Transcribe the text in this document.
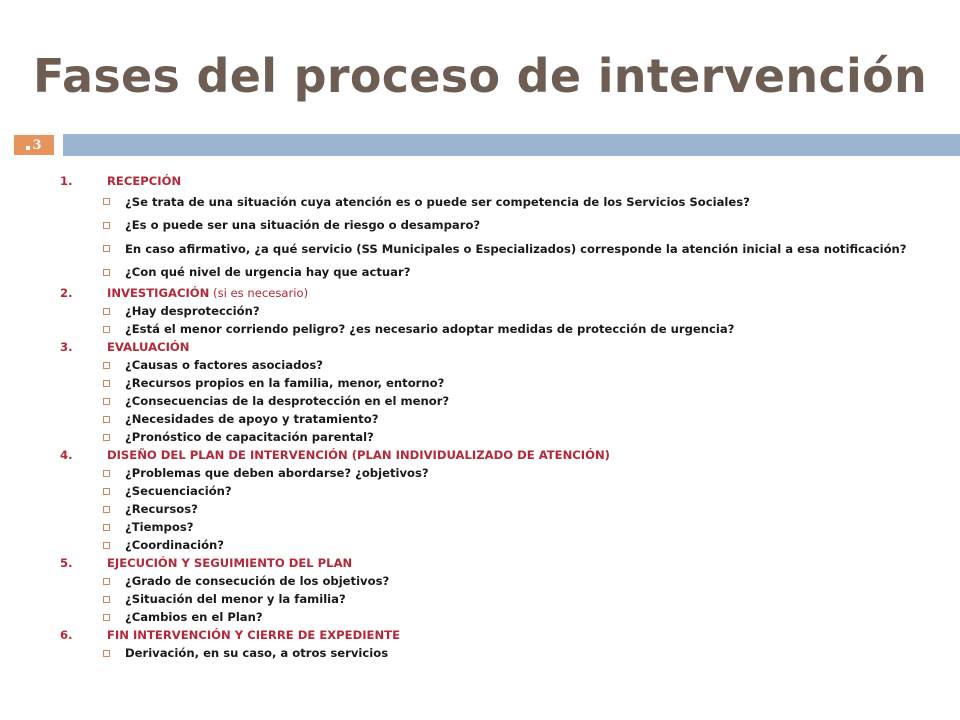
Fases del proceso de intervención
3
1.	RECEPCIÓN
¿Se trata de una situación cuya atención es o puede ser competencia de los Servicios Sociales?
¿Es o puede ser una situación de riesgo o desamparo?
En caso afirmativo, ¿a qué servicio (SS Municipales o Especializados) corresponde la atención inicial a esa notificación?
¿Con qué nivel de urgencia hay que actuar?
2.	INVESTIGACIÓN (si es necesario)
¿Hay desprotección?
¿Está el menor corriendo peligro? ¿es necesario adoptar medidas de protección de urgencia?
3.	EVALUACIÓN
¿Causas o factores asociados?
¿Recursos propios en la familia, menor, entorno?
¿Consecuencias de la desprotección en el menor?
¿Necesidades de apoyo y tratamiento?
¿Pronóstico de capacitación parental?
4.	DISEÑO DEL PLAN DE INTERVENCIÓN (PLAN INDIVIDUALIZADO DE ATENCIÓN)
¿Problemas que deben abordarse? ¿objetivos?
¿Secuenciación?
¿Recursos?
¿Tiempos?
¿Coordinación?
5.	EJECUCIÓN Y SEGUIMIENTO DEL PLAN
¿Grado de consecución de los objetivos?
¿Situación del menor y la familia?
¿Cambios en el Plan?
6.	FIN INTERVENCIÓN Y CIERRE DE EXPEDIENTE
Derivación, en su caso, a otros servicios
